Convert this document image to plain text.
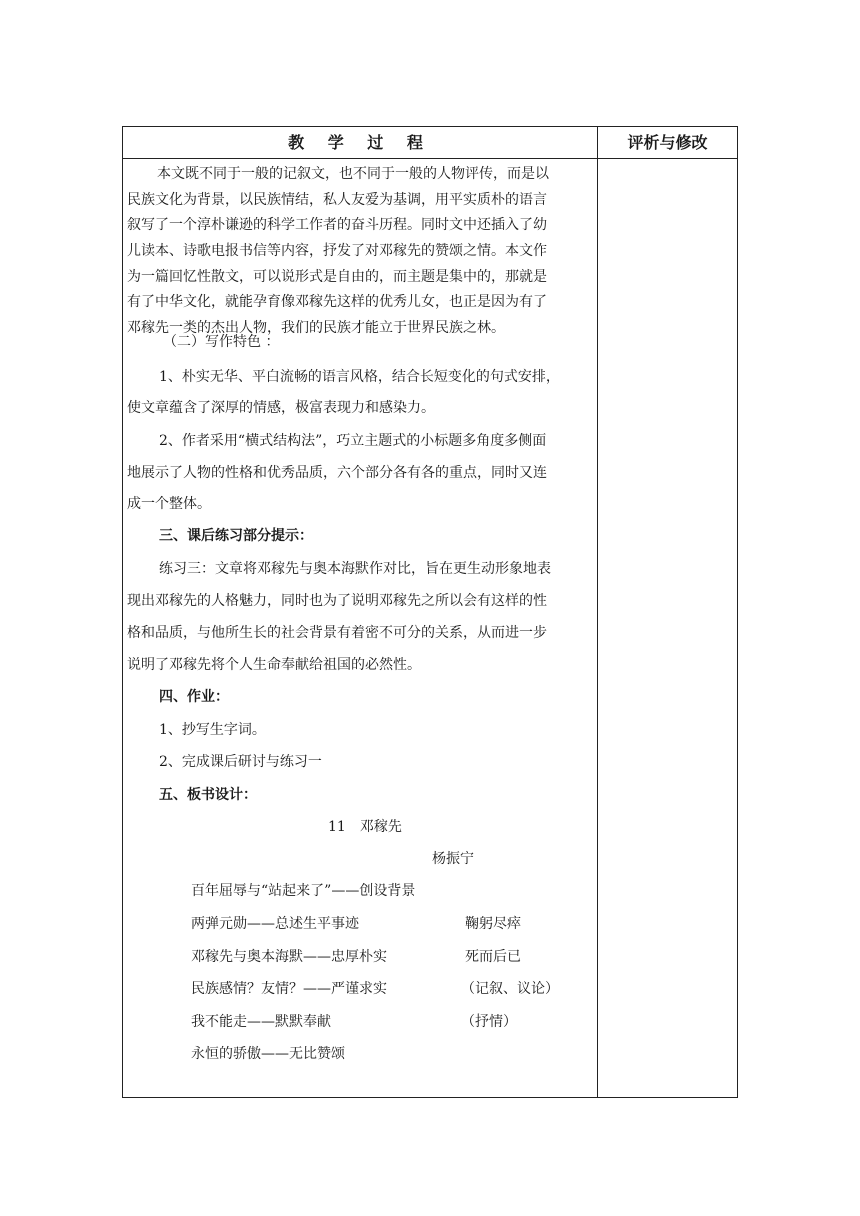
教 学 过 程	评析与修改
本文既不同于一般的记叙文，也不同于一般的人物评传，而是以
民族文化为背景，以民族情结，私人友爱为基调，用平实质朴的语言
叙写了一个淳朴谦逊的科学工作者的奋斗历程。同时文中还插入了幼
儿读本、诗歌电报书信等内容，抒发了对邓稼先的赞颂之情。本文作
为一篇回忆性散文，可以说形式是自由的，而主题是集中的，那就是
有了中华文化，就能孕育像邓稼先这样的优秀儿女，也正是因为有了
邓稼先一类的杰出人物，我们的民族才能立于世界民族之林。
（二）写作特色 ：
1、朴实无华、平白流畅的语言风格，结合长短变化的句式安排，
使文章蕴含了深厚的情感，极富表现力和感染力。
2、作者采用“横式结构法”，巧立主题式的小标题多角度多侧面
地展示了人物的性格和优秀品质，六个部分各有各的重点，同时又连
成一个整体。
三、课后练习部分提示：
练习三：文章将邓稼先与奥本海默作对比，旨在更生动形象地表
现出邓稼先的人格魅力，同时也为了说明邓稼先之所以会有这样的性
格和品质，与他所生长的社会背景有着密不可分的关系，从而进一步
说明了邓稼先将个人生命奉献给祖国的必然性。
四、作业：
1、抄写生字词。
2、完成课后研讨与练习一
五、板书设计：
11　邓稼先
杨振宁
百年屈辱与“站起来了”——创设背景
两弹元勋——总述生平事迹	鞠躬尽瘁
邓稼先与奥本海默——忠厚朴实	死而后已
民族感情？友情？——严谨求实	（记叙、议论）
我不能走——默默奉献	（抒情）
永恒的骄傲——无比赞颂
